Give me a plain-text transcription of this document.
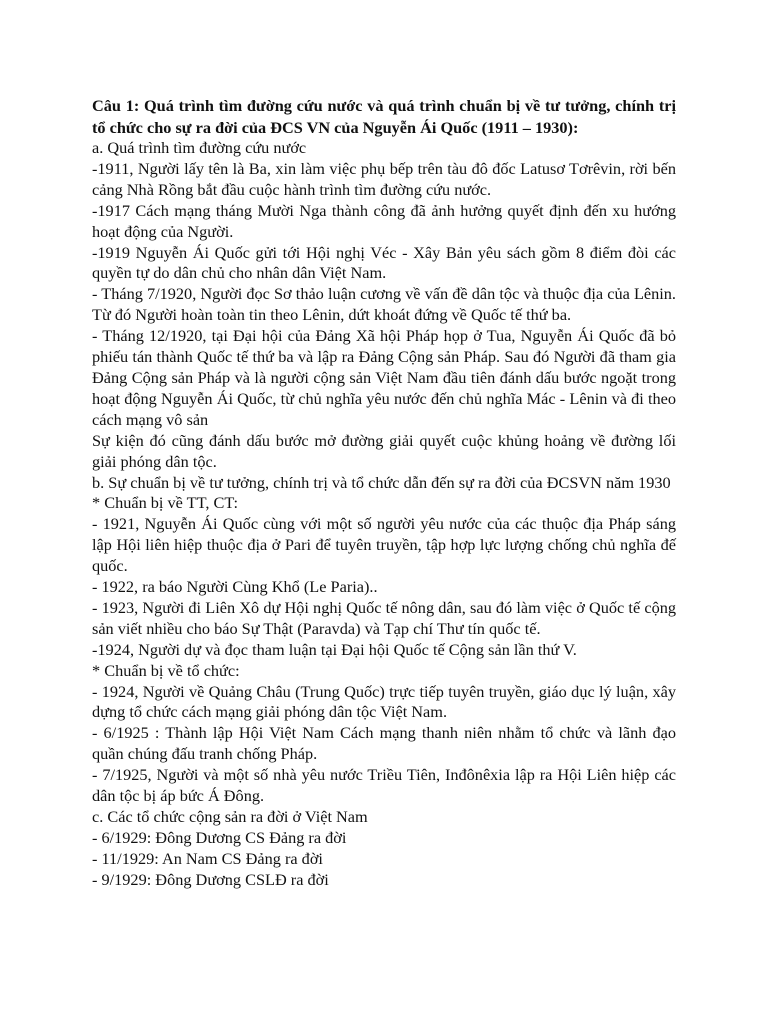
Câu 1: Quá trình tìm đường cứu nước và quá trình chuẩn bị về tư tưởng, chính trị tổ chức cho sự ra đời của ĐCS VN của Nguyễn Ái Quốc (1911 – 1930):

a. Quá trình tìm đường cứu nước

-1911, Người lấy tên là Ba, xin làm việc phụ bếp trên tàu đô đốc Latusơ Tơrêvin, rời bến cảng Nhà Rồng bắt đầu cuộc hành trình tìm đường cứu nước.

-1917 Cách mạng tháng Mười Nga thành công đã ảnh hưởng quyết định đến xu hướng hoạt động của Người.

-1919 Nguyễn Ái Quốc gửi tới Hội nghị Véc - Xây Bản yêu sách gồm 8 điểm đòi các quyền tự do dân chủ cho nhân dân Việt Nam.

- Tháng 7/1920, Người đọc Sơ thảo luận cương về vấn đề dân tộc và thuộc địa của Lênin. Từ đó Người hoàn toàn tin theo Lênin, dứt khoát đứng về Quốc tế thứ ba.

- Tháng 12/1920, tại Đại hội của Đảng Xã hội Pháp họp ở Tua, Nguyễn Ái Quốc đã bỏ phiếu tán thành Quốc tế thứ ba và lập ra Đảng Cộng sản Pháp. Sau đó Người đã tham gia Đảng Cộng sản Pháp và là người cộng sản Việt Nam đầu tiên đánh dấu bước ngoặt trong hoạt động Nguyễn Ái Quốc, từ chủ nghĩa yêu nước đến chủ nghĩa Mác - Lênin và đi theo cách mạng vô sản

Sự kiện đó cũng đánh dấu bước mở đường giải quyết cuộc khủng hoảng về đường lối giải phóng dân tộc.

b. Sự chuẩn bị về tư tưởng, chính trị và tổ chức dẫn đến sự ra đời của ĐCSVN năm 1930

* Chuẩn bị về TT, CT:

- 1921, Nguyễn Ái Quốc cùng với một số người yêu nước của các thuộc địa Pháp sáng lập Hội liên hiệp thuộc địa ở Pari để tuyên truyền, tập hợp lực lượng chống chủ nghĩa đế quốc.

- 1922, ra báo Người Cùng Khổ (Le Paria)..

- 1923, Người đi Liên Xô dự Hội nghị Quốc tế nông dân, sau đó làm việc ở Quốc tế cộng sản viết nhiều cho báo Sự Thật (Paravda) và Tạp chí Thư tín quốc tế.

-1924, Người dự và đọc tham luận tại Đại hội Quốc tế Cộng sản lần thứ V.

* Chuẩn bị về tổ chức:

- 1924, Người về Quảng Châu (Trung Quốc) trực tiếp tuyên truyền, giáo dục lý luận, xây dựng tổ chức cách mạng giải phóng dân tộc Việt Nam.

- 6/1925 : Thành lập Hội Việt Nam Cách mạng thanh niên nhằm tổ chức và lãnh đạo quần chúng đấu tranh chống Pháp.

- 7/1925, Người và một số nhà yêu nước Triều Tiên, Inđônêxia lập ra Hội Liên hiệp các dân tộc bị áp bức Á Đông.

c. Các tổ chức cộng sản ra đời ở Việt Nam

- 6/1929: Đông Dương CS Đảng ra đời

- 11/1929: An Nam CS Đảng ra đời

- 9/1929: Đông Dương CSLĐ ra đời
